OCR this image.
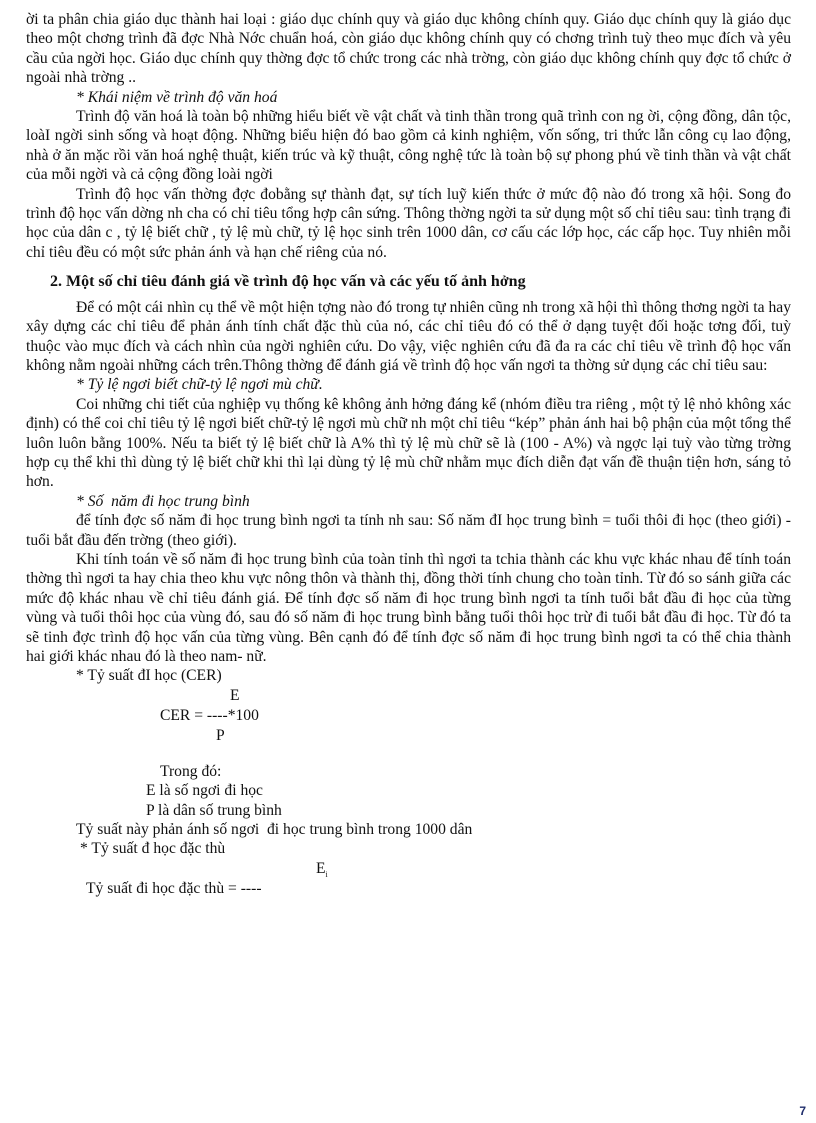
ời ta phân chia giáo dục thành hai loại : giáo dục chính quy và giáo dục không chính quy. Giáo dục chính quy là giáo dục theo một chơng trình đã đợc Nhà Nớc chuẩn hoá, còn giáo dục không chính quy có chơng trình tuỳ theo mục đích và yêu cầu của ngời học. Giáo dục chính quy thờng đợc tổ chức trong các nhà trờng, còn giáo dục không chính quy đợc tổ chức ở ngoài nhà trờng ..

* Khái niệm về trình độ văn hoá

Trình độ văn hoá là toàn bộ những hiểu biết về vật chất và tinh thần trong quã trình con ng ời, cộng đồng, dân tộc, loàI ngời sinh sống và hoạt động. Những biểu hiện đó bao gồm cả kinh nghiệm, vốn sống, tri thức lẫn công cụ lao động, nhà ở ăn mặc rồi văn hoá nghệ thuật, kiến trúc và kỹ thuật, công nghệ tức là toàn bộ sự phong phú về tinh thần và vật chất của mỗi ngời và cả cộng đồng loài ngời

Trình độ học vấn thờng đợc đobằng sự thành đạt, sự tích luỹ kiến thức ở mức độ nào đó trong xã hội. Song đo trình độ học vấn dờng nh cha có chỉ tiêu tổng hợp cân sứng. Thông thờng ngời ta sử dụng một số chỉ tiêu sau: tình trạng đi học của dân c , tỷ lệ biết chữ , tỷ lệ mù chữ, tỷ lệ học sinh trên 1000 dân, cơ cấu các lớp học, các cấp học. Tuy nhiên mỗi chỉ tiêu đều có một sức phản ánh và hạn chế riêng của nó.

2. Một số chỉ tiêu đánh giá về trình độ học vấn và các yếu tố ảnh hởng

Để có một cái nhìn cụ thể về một hiện tợng nào đó trong tự nhiên cũng nh trong xã hội thì thông thơng ngời ta hay xây dựng các chỉ tiêu để phản ánh tính chất đặc thù của nó, các chỉ tiêu đó có thể ở dạng tuyệt đối hoặc tơng đối, tuỳ thuộc vào mục đích và cách nhìn của ngời nghiên cứu. Do vậy, việc nghiên cứu đã đa ra các chỉ tiêu về trình độ học vấn không nằm ngoài những cách trên.Thông thờng để đánh giá về trình độ học vấn ngơi ta thờng sử dụng các chỉ tiêu sau:

* Tỷ lệ ngơi biết chữ-tỷ lệ ngơi mù chữ.

Coi những chi tiết của nghiệp vụ thống kê không ảnh hởng đáng kể (nhóm điều tra riêng , một tỷ lệ nhỏ không xác định) có thể coi chỉ tiêu tỷ lệ ngơi biết chữ-tỷ lệ ngơi mù chữ nh một chỉ tiêu “kép” phản ánh hai bộ phận của một tổng thể luôn luôn bằng 100%. Nếu ta biết tỷ lệ biết chữ là A% thì tỷ lệ mù chữ sẽ là (100 - A%) và ngợc lại tuỳ vào từng trờng hợp cụ thể khi thì dùng tỷ lệ biết chữ khi thì lại dùng tỷ lệ mù chữ nhằm mục đích diễn đạt vấn đề thuận tiện hơn, sáng tỏ hơn.

* Số  năm đi học trung bình

để tính đợc số năm đi học trung bình ngơi ta tính nh sau: Số năm đI học trung bình = tuổi thôi đi học (theo giới) - tuổi bắt đầu đến trờng (theo giới).

Khi tính toán về số năm đi học trung bình của toàn tỉnh thì ngơi ta tchia thành các khu vực khác nhau để tính toán thờng thì ngơi ta hay chia theo khu vực nông thôn và thành thị, đồng thời tính chung cho toàn tỉnh. Từ đó so sánh giữa các mức độ khác nhau về chỉ tiêu đánh giá. Để tính đợc số năm đi học trung bình ngơi ta tính tuổi bắt đầu đi học của từng vùng và tuổi thôi học của vùng đó, sau đó số năm đi học trung bình bằng tuổi thôi học trừ đi tuổi bắt đầu đi học. Từ đó ta sẽ tinh đợc trình độ học vấn của từng vùng. Bên cạnh đó để tính đợc số năm đi học trung bình ngơi ta có thể chia thành hai giới khác nhau đó là theo nam- nữ.

* Tỷ suất đI học (CER)

E
CER = ----*100
P

Trong đó:

E là số ngơi đi học

P là dân số trung bình

Tỷ suất này phản ánh số ngơi  đi học trung bình trong 1000 dân

* Tỷ suất đ học đặc thù

$E_i$
Tỷ suất đi học đặc thù = ----
7
